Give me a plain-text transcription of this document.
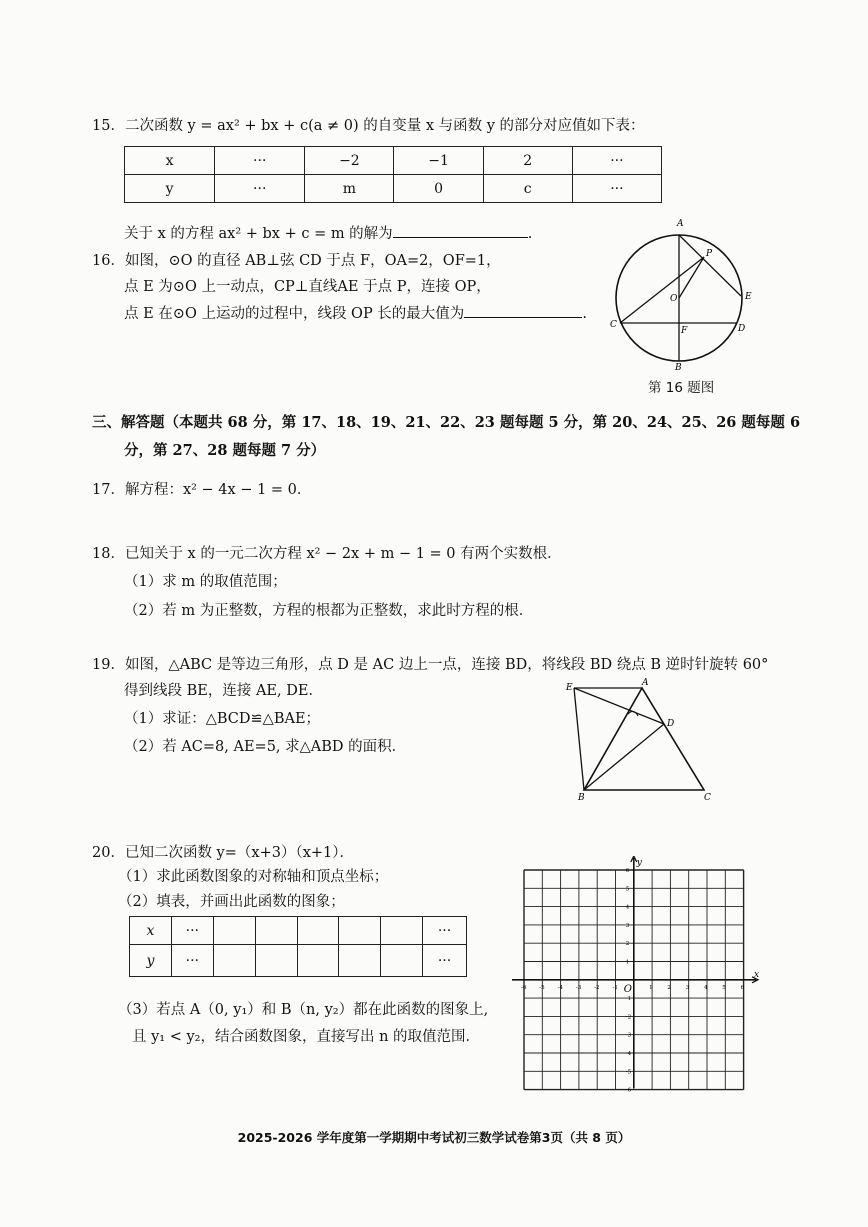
15．二次函数 y = ax² + bx + c(a ≠ 0) 的自变量 x 与函数 y 的部分对应值如下表：
x	···	−2	−1	2	···
y	···	m	0	c	···
关于 x 的方程 ax² + bx + c = m 的解为	.
16．如图，⊙O 的直径 AB⊥弦 CD 于点 F，OA=2，OF=1，
点 E 为⊙O 上一动点，CP⊥直线AE 于点 P，连接 OP，
点 E 在⊙O 上运动的过程中，线段 OP 长的最大值为	.
A
B
C	D
E
F
O
P
第 16 题图
三、解答题（本题共 68 分，第 17、18、19、21、22、23 题每题 5 分，第 20、24、25、26 题每题 6
分，第 27、28 题每题 7 分）
17．解方程：x² − 4x − 1 = 0．
18．已知关于 x 的一元二次方程 x² − 2x + m − 1 = 0 有两个实数根．
（1）求 m 的取值范围；
（2）若 m 为正整数，方程的根都为正整数，求此时方程的根．
19．如图，△ABC 是等边三角形，点 D 是 AC 边上一点，连接 BD，将线段 BD 绕点 B 逆时针旋转 60°
得到线段 BE，连接 AE, DE．
（1）求证：△BCD≌△BAE；
（2）若 AC=8, AE=5, 求△ABD 的面积．
E	A
D
B	C
20．已知二次函数 y=（x+3）（x+1）．
（1）求此函数图象的对称轴和顶点坐标；
（2）填表，并画出此函数的图象；
x	···						···
y	···						···
（3）若点 A（0, y₁）和 B（n, y₂）都在此函数的图象上,
且 y₁ < y₂，结合函数图象，直接写出 n 的取值范围．
x
y
O
-6 -5 -4 -3 -2 -1	1	2	3	4	5	6
6
5
4
3
2
1
-1
-2
-3
-4
-5
-6
2025-2026 学年度第一学期期中考试初三数学试卷第3页（共 8 页）
